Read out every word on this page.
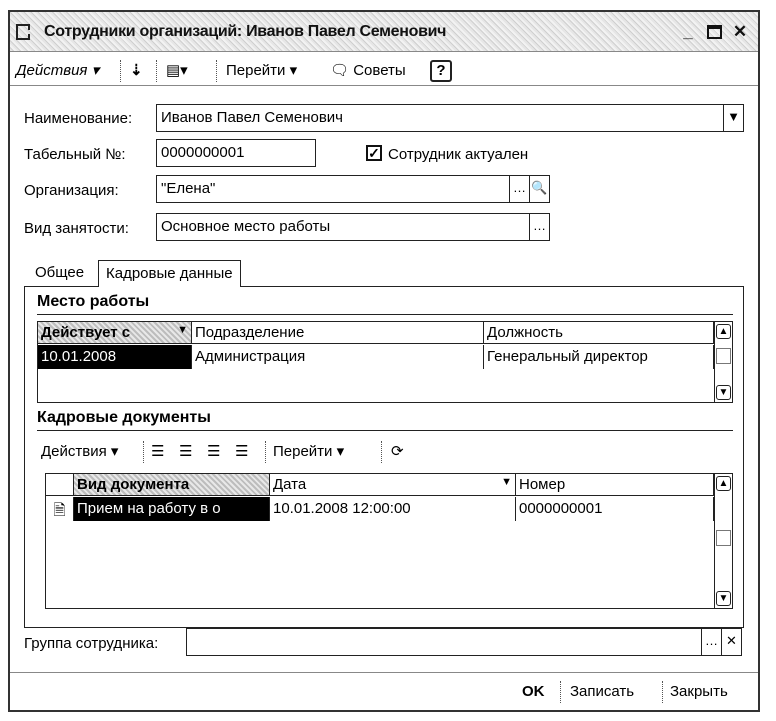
Сотрудники организаций: Иванов Павел Семенович	_	✕
Действия ▾ ⇣ ▤▾	Перейти ▾ 🗨 Советы	?
Наименование:	Иванов Павел Семенович	▼
Табельный №:	0000000001	✓ Сотрудник актуален
Организация:	"Елена"	… 🔍
Вид занятости:	Основное место работы	…
Общее	Кадровые данные
Место работы
Действует с	▼ Подразделение	Должность
10.01.2008	Администрация	Генеральный директор
▲
▼
Кадровые документы
Действия ▾ ☰ ☰ ☰ ☰ Перейти ▾	⟳
Вид документа	Дата	▼ Номер
🗎 Прием на работу в о	10.01.2008 12:00:00	0000000001
▲
▼
Группа сотрудника:	… ✕
OK Записать Закрыть
